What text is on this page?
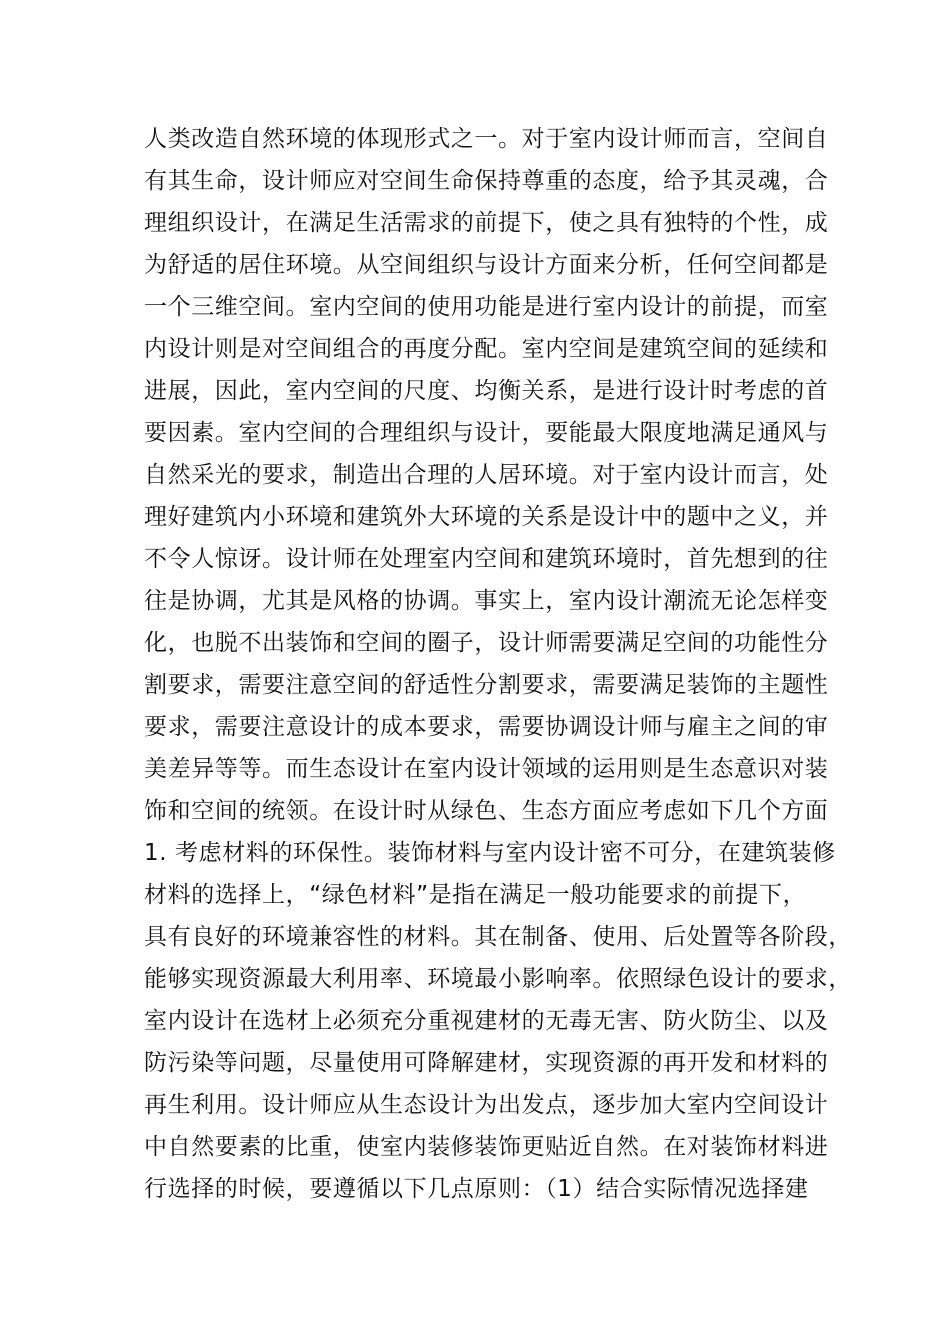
人类改造自然环境的体现形式之一。对于室内设计师而言，空间自
有其生命，设计师应对空间生命保持尊重的态度，给予其灵魂，合
理组织设计，在满足生活需求的前提下，使之具有独特的个性，成
为舒适的居住环境。从空间组织与设计方面来分析，任何空间都是
一个三维空间。室内空间的使用功能是进行室内设计的前提，而室
内设计则是对空间组合的再度分配。室内空间是建筑空间的延续和
进展，因此，室内空间的尺度、均衡关系，是进行设计时考虑的首
要因素。室内空间的合理组织与设计，要能最大限度地满足通风与
自然采光的要求，制造出合理的人居环境。对于室内设计而言，处
理好建筑内小环境和建筑外大环境的关系是设计中的题中之义，并
不令人惊讶。设计师在处理室内空间和建筑环境时，首先想到的往
往是协调，尤其是风格的协调。事实上，室内设计潮流无论怎样变
化，也脱不出装饰和空间的圈子，设计师需要满足空间的功能性分
割要求，需要注意空间的舒适性分割要求，需要满足装饰的主题性
要求，需要注意设计的成本要求，需要协调设计师与雇主之间的审
美差异等等。而生态设计在室内设计领域的运用则是生态意识对装
饰和空间的统领。在设计时从绿色、生态方面应考虑如下几个方面
1. 考虑材料的环保性。装饰材料与室内设计密不可分，在建筑装修
材料的选择上，“绿色材料”是指在满足一般功能要求的前提下，
具有良好的环境兼容性的材料。其在制备、使用、后处置等各阶段，
能够实现资源最大利用率、环境最小影响率。依照绿色设计的要求，
室内设计在选材上必须充分重视建材的无毒无害、防火防尘、以及
防污染等问题，尽量使用可降解建材，实现资源的再开发和材料的
再生利用。设计师应从生态设计为出发点，逐步加大室内空间设计
中自然要素的比重，使室内装修装饰更贴近自然。在对装饰材料进
行选择的时候，要遵循以下几点原则：（1）结合实际情况选择建
